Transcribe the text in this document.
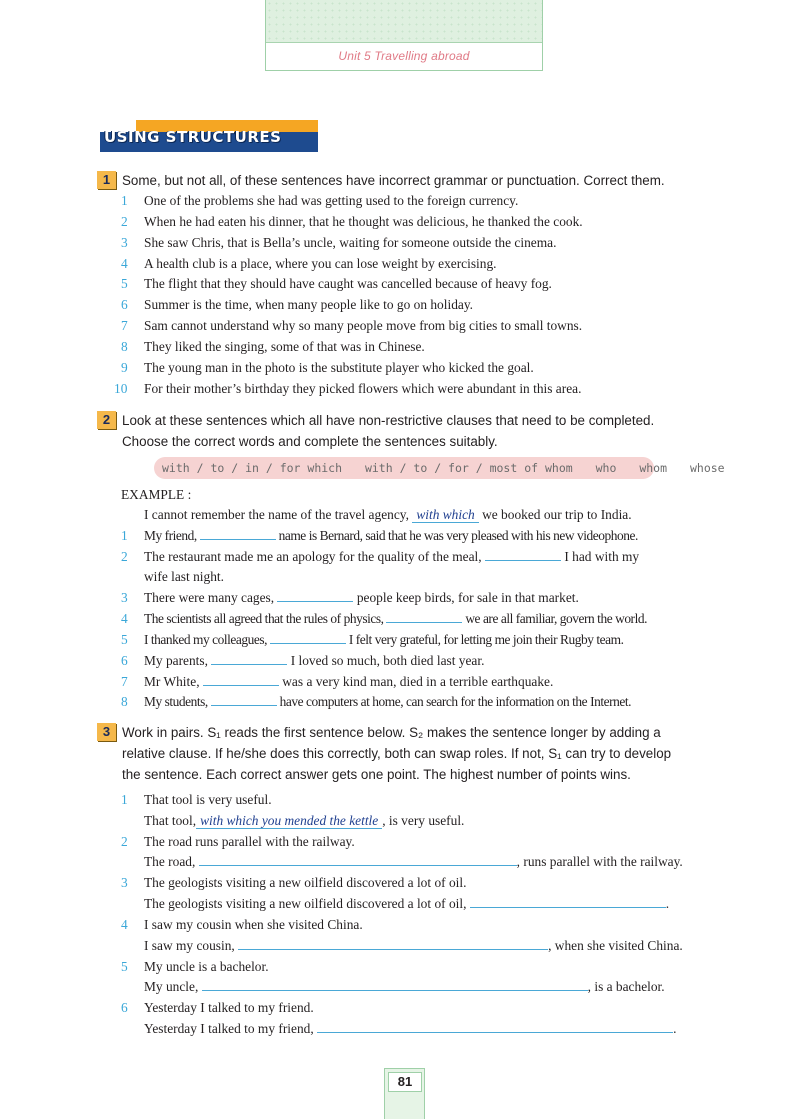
Unit 5 Travelling abroad
USING STRUCTURES
1 Some, but not all, of these sentences have incorrect grammar or punctuation. Correct them.
1 One of the problems she had was getting used to the foreign currency.
2 When he had eaten his dinner, that he thought was delicious, he thanked the cook.
3 She saw Chris, that is Bella’s uncle, waiting for someone outside the cinema.
4 A health club is a place, where you can lose weight by exercising.
5 The flight that they should have caught was cancelled because of heavy fog.
6 Summer is the time, when many people like to go on holiday.
7 Sam cannot understand why so many people move from big cities to small towns.
8 They liked the singing, some of that was in Chinese.
9 The young man in the photo is the substitute player who kicked the goal.
10 For their mother’s birthday they picked flowers which were abundant in this area.
2 Look at these sentences which all have non-restrictive clauses that need to be completed.
Choose the correct words and complete the sentences suitably.
with / to / in / for which with / to / for / most of whom who whom whose
EXAMPLE :
I cannot remember the name of the travel agency, with which we booked our trip to India.
1 My friend,	name is Bernard, said that he was very pleased with his new videophone.
2 The restaurant made me an apology for the quality of the meal,	I had with my
wife last night.
3 There were many cages,	people keep birds, for sale in that market.
4 The scientists all agreed that the rules of physics,	we are all familiar, govern the world.
5 I thanked my colleagues,	I felt very grateful, for letting me join their Rugby team.
6 My parents,	I loved so much, both died last year.
7 Mr White,	was a very kind man, died in a terrible earthquake.
8 My students,	have computers at home, can search for the information on the Internet.
3 Work in pairs. S₁ reads the first sentence below. S₂ makes the sentence longer by adding a
relative clause. If he/she does this correctly, both can swap roles. If not, S₁ can try to develop
the sentence. Each correct answer gets one point. The highest number of points wins.
1 That tool is very useful.
That tool, with which you mended the kettle , is very useful.
2 The road runs parallel with the railway.
The road,	, runs parallel with the railway.
3 The geologists visiting a new oilfield discovered a lot of oil.
The geologists visiting a new oilfield discovered a lot of oil,	.
4 I saw my cousin when she visited China.
I saw my cousin,	, when she visited China.
5 My uncle is a bachelor.
My uncle,	, is a bachelor.
6 Yesterday I talked to my friend.
Yesterday I talked to my friend,	.
81
